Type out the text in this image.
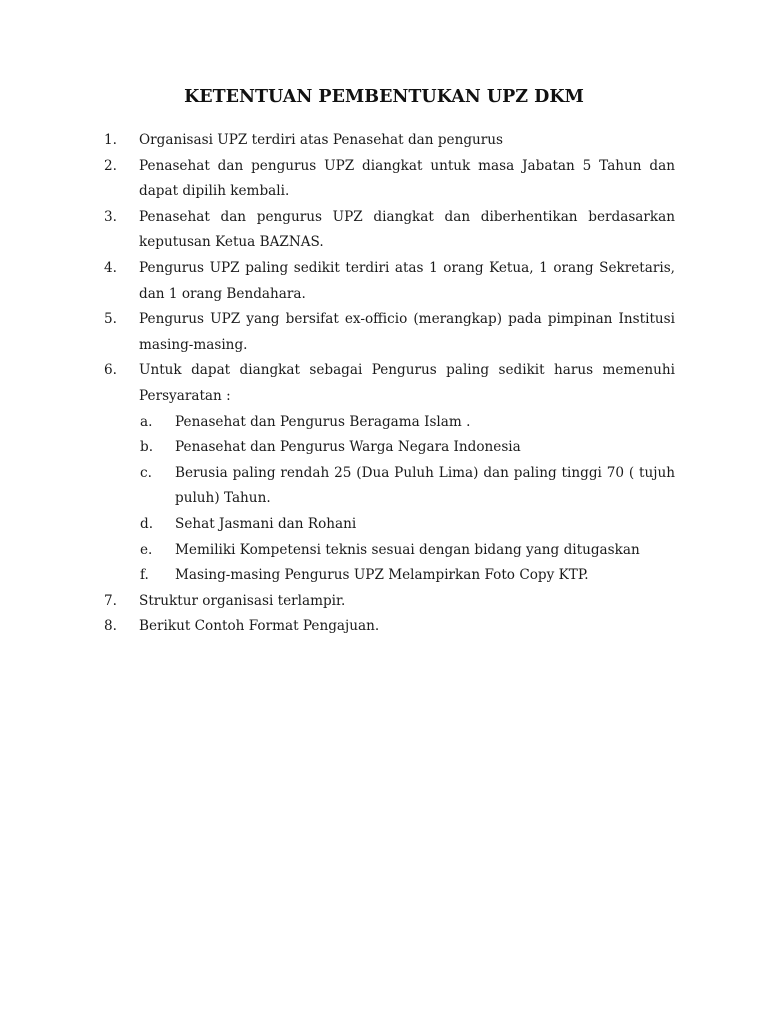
KETENTUAN PEMBENTUKAN UPZ DKM
1.	Organisasi UPZ terdiri atas Penasehat dan pengurus
2.	Penasehat dan pengurus UPZ diangkat untuk masa Jabatan 5 Tahun dan dapat dipilih kembali.
3.	Penasehat dan pengurus UPZ diangkat dan diberhentikan berdasarkan keputusan Ketua BAZNAS.
4.	Pengurus UPZ paling sedikit terdiri atas 1 orang Ketua, 1 orang Sekretaris, dan 1 orang Bendahara.
5.	Pengurus UPZ yang bersifat ex-officio (merangkap) pada pimpinan Institusi masing-masing.
6.	Untuk dapat diangkat sebagai Pengurus paling sedikit harus memenuhi Persyaratan :
a.	Penasehat dan Pengurus Beragama Islam .
b.	Penasehat dan Pengurus Warga Negara Indonesia
c.	Berusia paling rendah 25 (Dua Puluh Lima) dan paling tinggi 70 ( tujuh puluh) Tahun.
d.	Sehat Jasmani dan Rohani
e.	Memiliki Kompetensi teknis sesuai dengan bidang yang ditugaskan
f.	Masing-masing Pengurus UPZ Melampirkan Foto Copy KTP.
7.	Struktur organisasi terlampir.
8.	Berikut Contoh Format Pengajuan.
